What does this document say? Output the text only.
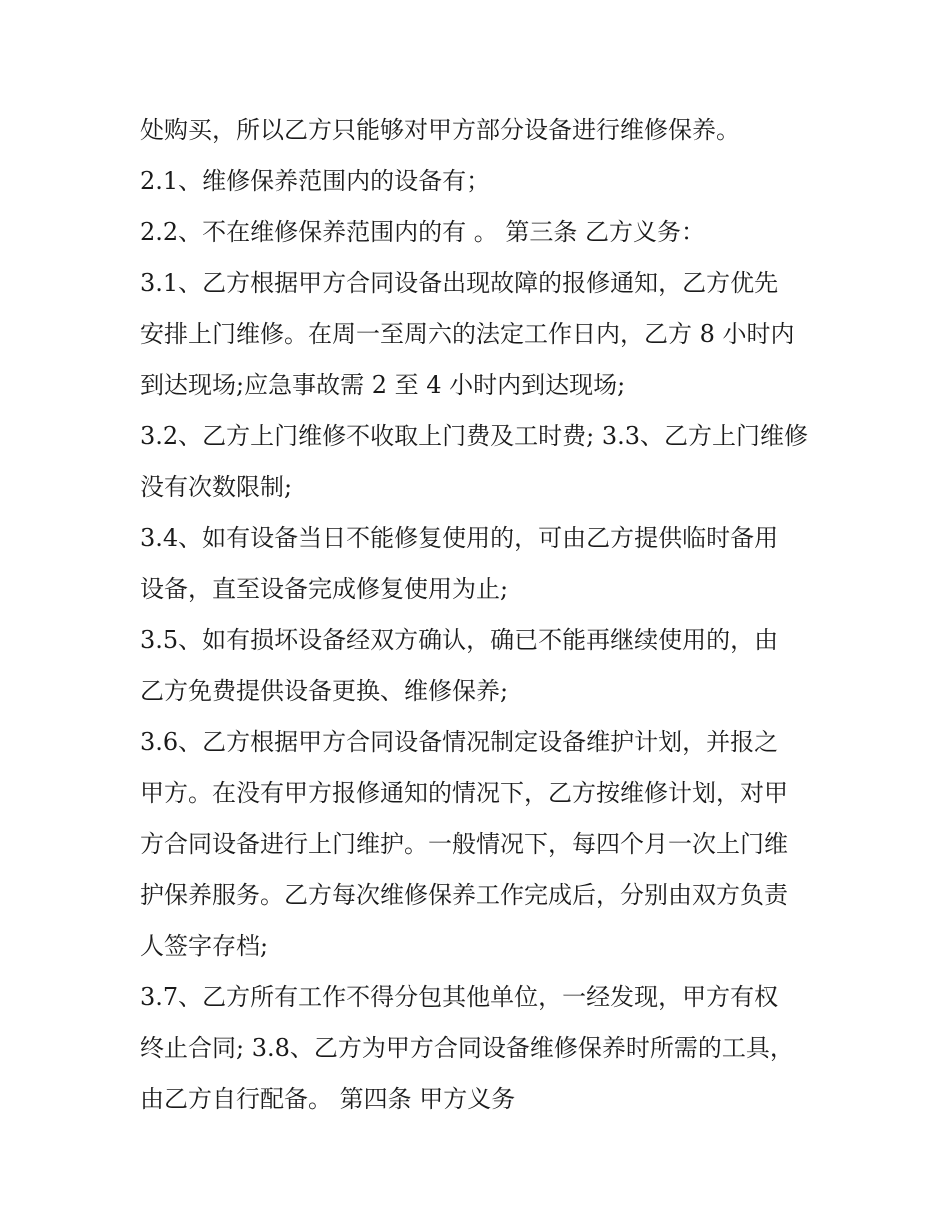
处购买，所以乙方只能够对甲方部分设备进行维修保养。
2.1、维修保养范围内的设备有；
2.2、不在维修保养范围内的有 。 第三条 乙方义务：
3.1、乙方根据甲方合同设备出现故障的报修通知，乙方优先
安排上门维修。在周一至周六的法定工作日内，乙方 8 小时内
到达现场;应急事故需 2 至 4 小时内到达现场;
3.2、乙方上门维修不收取上门费及工时费; 3.3、乙方上门维修
没有次数限制;
3.4、如有设备当日不能修复使用的，可由乙方提供临时备用
设备，直至设备完成修复使用为止;
3.5、如有损坏设备经双方确认，确已不能再继续使用的，由
乙方免费提供设备更换、维修保养;
3.6、乙方根据甲方合同设备情况制定设备维护计划，并报之
甲方。在没有甲方报修通知的情况下，乙方按维修计划，对甲
方合同设备进行上门维护。一般情况下，每四个月一次上门维
护保养服务。乙方每次维修保养工作完成后，分别由双方负责
人签字存档;
3.7、乙方所有工作不得分包其他单位，一经发现，甲方有权
终止合同; 3.8、乙方为甲方合同设备维修保养时所需的工具，
由乙方自行配备。 第四条 甲方义务
